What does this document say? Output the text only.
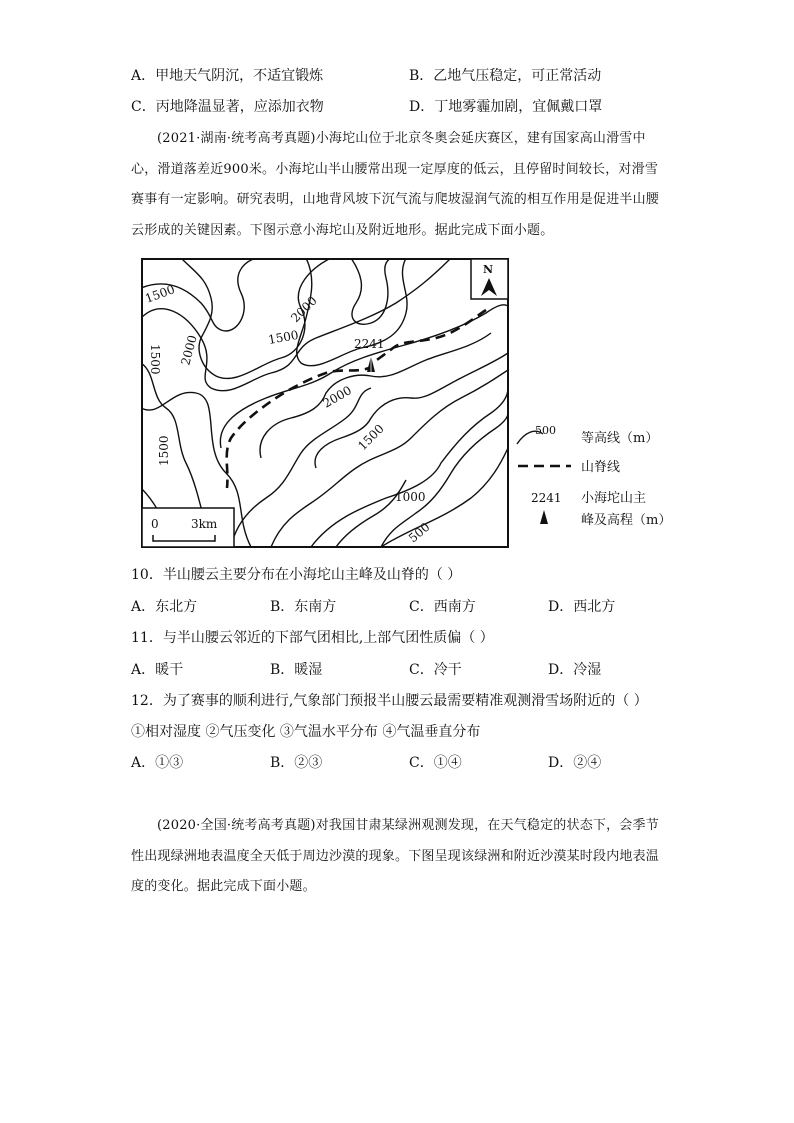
A．甲地天气阴沉，不适宜锻炼	B．乙地气压稳定，可正常活动
C．丙地降温显著，应添加衣物	D．丁地雾霾加剧，宜佩戴口罩
(2021·湖南·统考高考真题)小海坨山位于北京冬奥会延庆赛区，建有国家高山滑雪中心，滑道落差近900米。小海坨山半山腰常出现一定厚度的低云，且停留时间较长，对滑雪赛事有一定影响。研究表明，山地背风坡下沉气流与爬坡湿润气流的相互作用是促进半山腰云形成的关键因素。下图示意小海坨山及附近地形。据此完成下面小题。
1500
1500 2000	1500
2000
2000
1500	1500
1000
500
2241
N
0	3km
500
等高线（m）
山脊线
2241 小海坨山主
峰及高程（m）
10．半山腰云主要分布在小海坨山主峰及山脊的（ ）
A．东北方	B．东南方	C．西南方	D．西北方
11．与半山腰云邻近的下部气团相比,上部气团性质偏（ ）
A．暖干	B．暖湿	C．冷干	D．冷湿
12．为了赛事的顺利进行,气象部门预报半山腰云最需要精准观测滑雪场附近的（ ）
①相对湿度 ②气压变化 ③气温水平分布 ④气温垂直分布
A．①③	B．②③	C．①④	D．②④
(2020·全国·统考高考真题)对我国甘肃某绿洲观测发现，在天气稳定的状态下，会季节性出现绿洲地表温度全天低于周边沙漠的现象。下图呈现该绿洲和附近沙漠某时段内地表温度的变化。据此完成下面小题。
